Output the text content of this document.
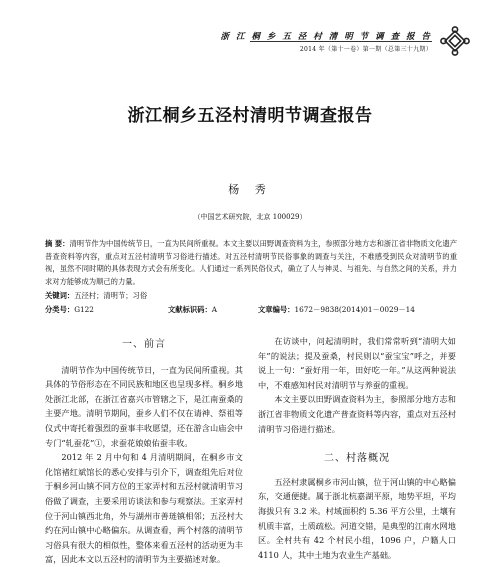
浙 江 桐 乡 五 泾 村 清 明 节 调 查 报 告
2014 年（第十一卷）第一期（总第三十九期）
浙江桐乡五泾村清明节调查报告
杨 秀
（中国艺术研究院，北京 100029）
摘 要：清明节作为中国传统节日，一直为民间所重视。本文主要以田野调查资料为主，参照部分地方志和浙江省非物质文化遗产普查资料等内容，重点对五泾村清明节习俗进行描述。对五泾村清明节民俗事象的调查与关注，不难感受到民众对清明节的重视，虽然不同时期的具体表现方式会有所变化。人们通过一系列民俗仪式，确立了人与神灵、与祖先、与自然之间的关系，并力求对方能够成为顺己的力量。
关键词：五泾村；清明节；习俗
分类号：G122	文献标识码：A	文章编号：1672－9838(2014)01－0029－14

一、前言

清明节作为中国传统节日，一直为民间所重视。其具体的节俗形态在不同民族和地区也呈现多样。桐乡地处浙江北部，在浙江省嘉兴市管辖之下，是江南蚕桑的主要产地。清明节期间，蚕乡人们不仅在请神、祭祖等仪式中寄托着强烈的蚕事丰收愿望，还在游含山庙会中专门“轧蚕花”①，求蚕花娘娘佑蚕丰收。

2012 年 2 月中旬和 4 月清明期间，在桐乡市文化馆褚红斌馆长的悉心安排与引介下，调查组先后对位于桐乡河山镇不同方位的王家弄村和五泾村就清明节习俗做了调查，主要采用访谈法和参与观察法。王家弄村位于河山镇西北角，外与湖州市善琏镇相邻；五泾村大约在河山镇中心略偏东。从调查看，两个村落的清明节习俗具有很大的相似性，整体来看五泾村的活动更为丰富，因此本文以五泾村的清明节为主要描述对象。

在访谈中，问起清明时，我们常常听到“清明大如年”的说法；提及蚕桑，村民则以“蚕宝宝”呼之，并要说上一句：“蚕好用一年，田好吃一年。”从这两种说法中，不难感知村民对清明节与养蚕的重视。

本文主要以田野调查资料为主，参照部分地方志和浙江省非物质文化遗产普查资料等内容，重点对五泾村清明节习俗进行描述。

二、村落概况

五泾村隶属桐乡市河山镇，位于河山镇的中心略偏东，交通便捷。属于浙北杭嘉湖平原，地势平坦，平均海拔只有 3.2 米。村域面积约 5.36 平方公里，土壤有机质丰富，土质疏松。河道交错，是典型的江南水网地区。全村共有 42 个村民小组，1096 户，户籍人口 4110 人，其中土地为农业生产基础。
